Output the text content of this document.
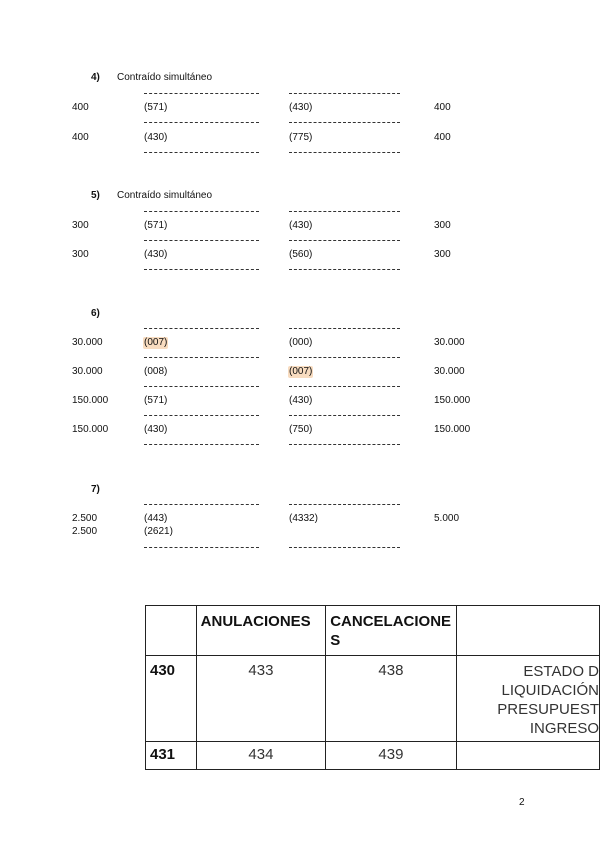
4) Contraído simultáneo
400	(571)	(430)	400
400	(430)	(775)	400
5) Contraído simultáneo
300	(571)	(430)	300
300	(430)	(560)	300
6)
30.000	(007)	(000)	30.000
30.000	(008)	(007)	30.000
150.000	(571)	(430)	150.000
150.000	(430)	(750)	150.000
7)
2.500	(443)	(4332)	5.000
2.500	(2621)
	ANULACIONES	CANCELACIONE S	
430	433	438	ESTADO D
LIQUIDACIÓN
PRESUPUEST
INGRESO

431	434	439	
2
